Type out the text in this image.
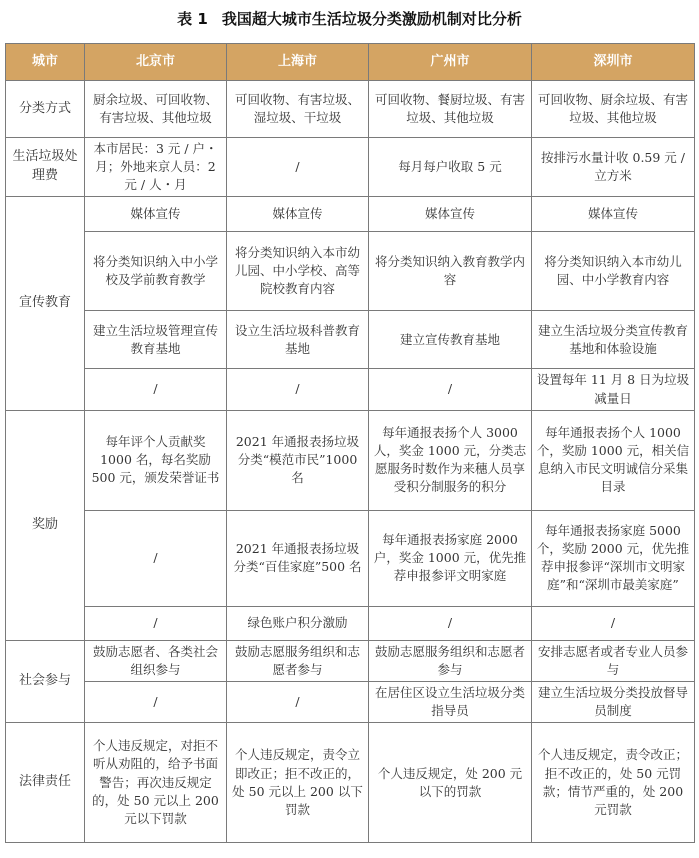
表 1 我国超大城市生活垃圾分类激励机制对比分析
城市	北京市	上海市	广州市	深圳市
分类方式	厨余垃圾、可回收物、有害垃圾、其他垃圾	可回收物、有害垃圾、湿垃圾、干垃圾	可回收物、餐厨垃圾、有害垃圾、其他垃圾	可回收物、厨余垃圾、有害垃圾、其他垃圾
生活垃圾处理费	本市居民：3 元 / 户・月；外地来京人员：2 元 / 人・月	/	每月每户收取 5 元	按排污水量计收 0.59 元 / 立方米
宣传教育	媒体宣传	媒体宣传	媒体宣传	媒体宣传
	将分类知识纳入中小学校及学前教育教学	将分类知识纳入本市幼儿园、中小学校、高等院校教育内容	将分类知识纳入教育教学内容	将分类知识纳入本市幼儿园、中小学教育内容
	建立生活垃圾管理宣传教育基地	设立生活垃圾科普教育基地	建立宣传教育基地	建立生活垃圾分类宣传教育基地和体验设施
	/	/	/	设置每年 11 月 8 日为垃圾减量日
奖励	每年评个人贡献奖 1000 名，每名奖励 500 元，颁发荣誉证书	2021 年通报表扬垃圾分类“模范市民”1000 名	每年通报表扬个人 3000 人，奖金 1000 元，分类志愿服务时数作为来穗人员享受积分制服务的积分	每年通报表扬个人 1000 个，奖励 1000 元，相关信息纳入市民文明诚信分采集目录
	/	2021 年通报表扬垃圾分类“百佳家庭”500 名	每年通报表扬家庭 2000 户，奖金 1000 元，优先推荐申报参评文明家庭	每年通报表扬家庭 5000 个，奖励 2000 元，优先推荐申报参评“深圳市文明家庭”和“深圳市最美家庭”
	/	绿色账户积分激励	/	/
社会参与	鼓励志愿者、各类社会组织参与	鼓励志愿服务组织和志愿者参与	鼓励志愿服务组织和志愿者参与	安排志愿者或者专业人员参与
	/	/	在居住区设立生活垃圾分类指导员	建立生活垃圾分类投放督导员制度
法律责任	个人违反规定，对拒不听从劝阻的，给予书面警告；再次违反规定的，处 50 元以上 200 元以下罚款	个人违反规定，责令立即改正；拒不改正的，处 50 元以上 200 以下罚款	个人违反规定，处 200 元以下的罚款	个人违反规定，责令改正；拒不改正的，处 50 元罚款；情节严重的，处 200 元罚款
